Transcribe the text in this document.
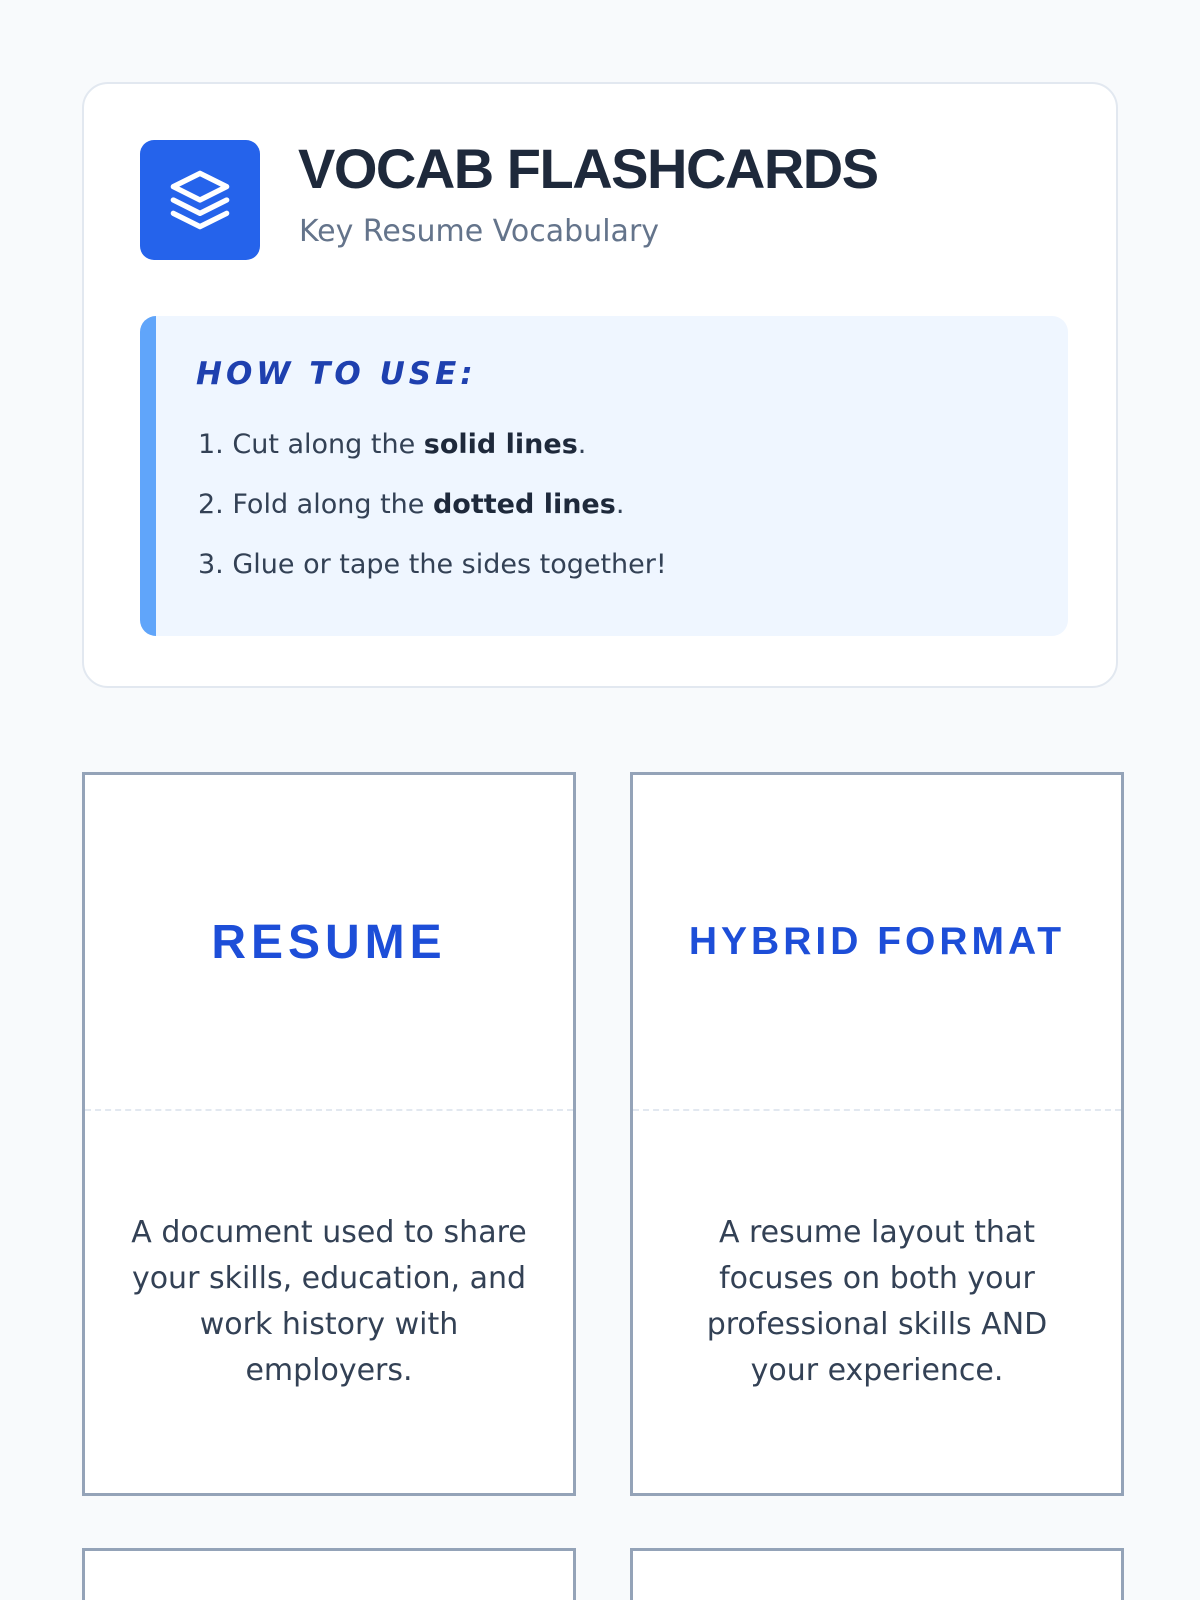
VOCAB FLASHCARDS

Key Resume Vocabulary

HOW TO USE:
1. Cut along the solid lines.
2. Fold along the dotted lines.
3. Glue or tape the sides together!

RESUME

A document used to share your skills, education, and work history with employers.

HYBRID FORMAT

A resume layout that focuses on both your professional skills AND your experience.
